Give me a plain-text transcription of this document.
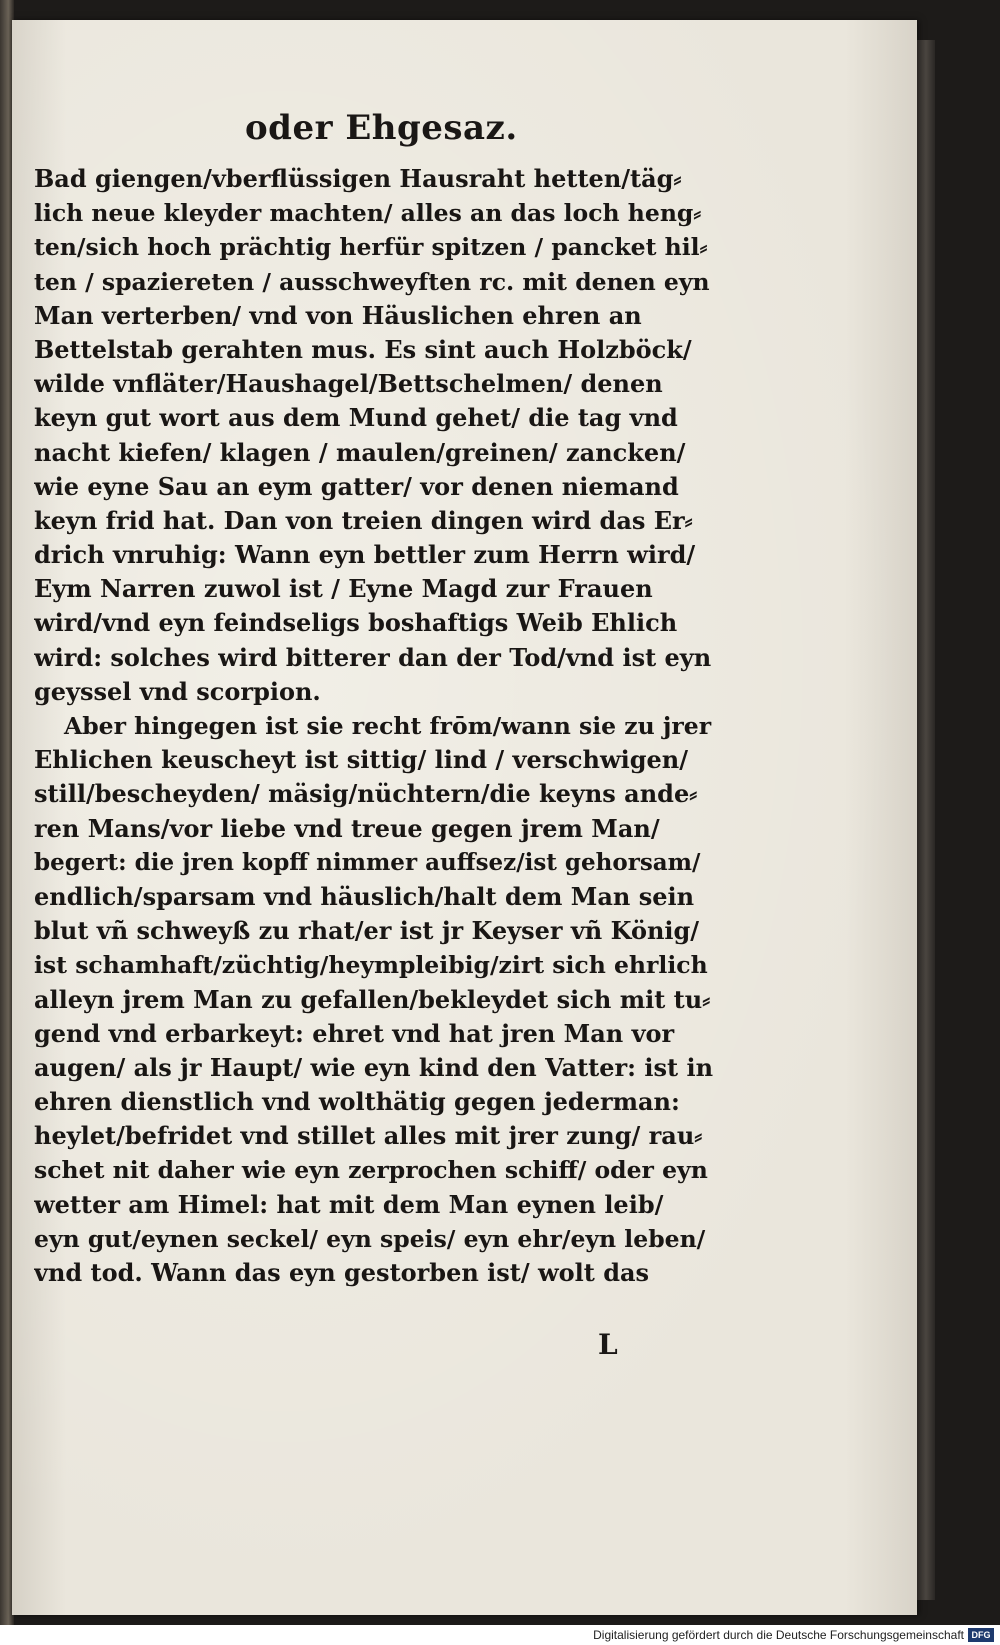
oder Ehgesaz.
Bad giengen/vberflüssigen Hausraht hetten/täg⸗
lich neue kleyder machten/ alles an das loch heng⸗
ten/sich hoch prächtig herfür spitzen / pancket hil⸗
ten / spaziereten / ausschweyften rc. mit denen eyn
Man verterben/ vnd von Häuslichen ehren an
Bettelstab gerahten mus. Es sint auch Holzböck/
wilde vnfläter/Haushagel/Bettschelmen/ denen
keyn gut wort aus dem Mund gehet/ die tag vnd
nacht kiefen/ klagen / maulen/greinen/ zancken/
wie eyne Sau an eym gatter/ vor denen niemand
keyn frid hat. Dan von treien dingen wird das Er⸗
drich vnruhig: Wann eyn bettler zum Herrn wird/
Eym Narren zuwol ist / Eyne Magd zur Frauen
wird/vnd eyn feindseligs boshaftigs Weib Ehlich
wird: solches wird bitterer dan der Tod/vnd ist eyn
geyssel vnd scorpion.
Aber hingegen ist sie recht frōm/wann sie zu jrer
Ehlichen keuscheyt ist sittig/ lind / verschwigen/
still/bescheyden/ mäsig/nüchtern/die keyns ande⸗
ren Mans/vor liebe vnd treue gegen jrem Man/
begert: die jren kopff nimmer auffsez/ist gehorsam/
endlich/sparsam vnd häuslich/halt dem Man sein
blut vñ schweyß zu rhat/er ist jr Keyser vñ König/
ist schamhaft/züchtig/heympleibig/zirt sich ehrlich
alleyn jrem Man zu gefallen/bekleydet sich mit tu⸗
gend vnd erbarkeyt: ehret vnd hat jren Man vor
augen/ als jr Haupt/ wie eyn kind den Vatter: ist in
ehren dienstlich vnd wolthätig gegen jederman:
heylet/befridet vnd stillet alles mit jrer zung/ rau⸗
schet nit daher wie eyn zerprochen schiff/ oder eyn
wetter am Himel: hat mit dem Man eynen leib/
eyn gut/eynen seckel/ eyn speis/ eyn ehr/eyn leben/
vnd tod. Wann das eyn gestorben ist/ wolt das
L
Digitalisierung gefördert durch die Deutsche Forschungsgemeinschaft DFG
